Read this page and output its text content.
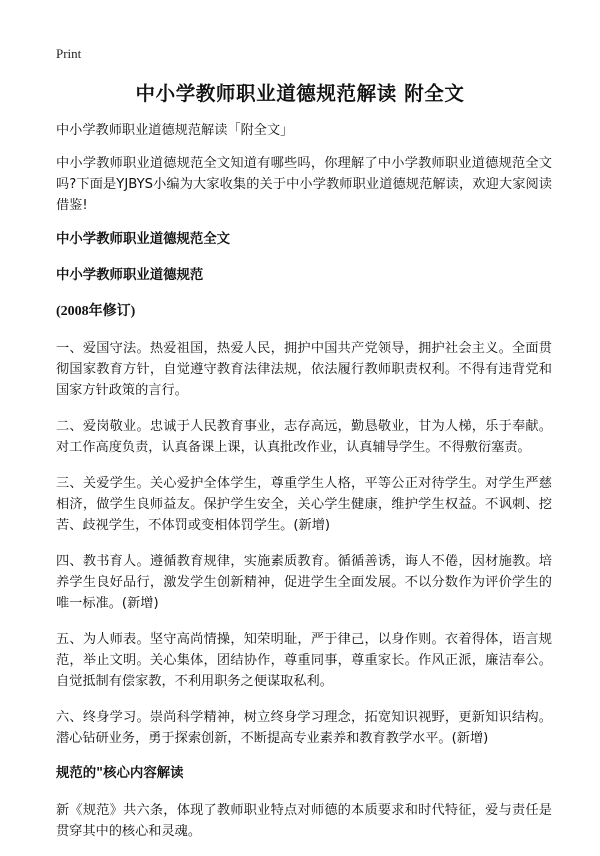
Print
中小学教师职业道德规范解读 附全文

中小学教师职业道德规范解读「附全文」

中小学教师职业道德规范全文知道有哪些吗，你理解了中小学教师职业道德规范全文吗?下面是YJBYS小编为大家收集的关于中小学教师职业道德规范解读，欢迎大家阅读借鉴!

中小学教师职业道德规范全文
中小学教师职业道德规范
(2008年修订)

一、爱国守法。热爱祖国，热爱人民，拥护中国共产党领导，拥护社会主义。全面贯彻国家教育方针，自觉遵守教育法律法规，依法履行教师职责权利。不得有违背党和国家方针政策的言行。

二、爱岗敬业。忠诚于人民教育事业，志存高远，勤恳敬业，甘为人梯，乐于奉献。对工作高度负责，认真备课上课，认真批改作业，认真辅导学生。不得敷衍塞责。

三、关爱学生。关心爱护全体学生，尊重学生人格，平等公正对待学生。对学生严慈相济，做学生良师益友。保护学生安全，关心学生健康，维护学生权益。不讽刺、挖苦、歧视学生，不体罚或变相体罚学生。(新增)

四、教书育人。遵循教育规律，实施素质教育。循循善诱，诲人不倦，因材施教。培养学生良好品行，激发学生创新精神，促进学生全面发展。不以分数作为评价学生的唯一标准。(新增)

五、为人师表。坚守高尚情操，知荣明耻，严于律己，以身作则。衣着得体，语言规范，举止文明。关心集体，团结协作，尊重同事，尊重家长。作风正派，廉洁奉公。自觉抵制有偿家教，不利用职务之便谋取私利。

六、终身学习。崇尚科学精神，树立终身学习理念，拓宽知识视野，更新知识结构。潜心钻研业务，勇于探索创新，不断提高专业素养和教育教学水平。(新增)

规范的"核心内容解读

新《规范》共六条，体现了教师职业特点对师德的本质要求和时代特征，爱与责任是贯穿其中的核心和灵魂。
